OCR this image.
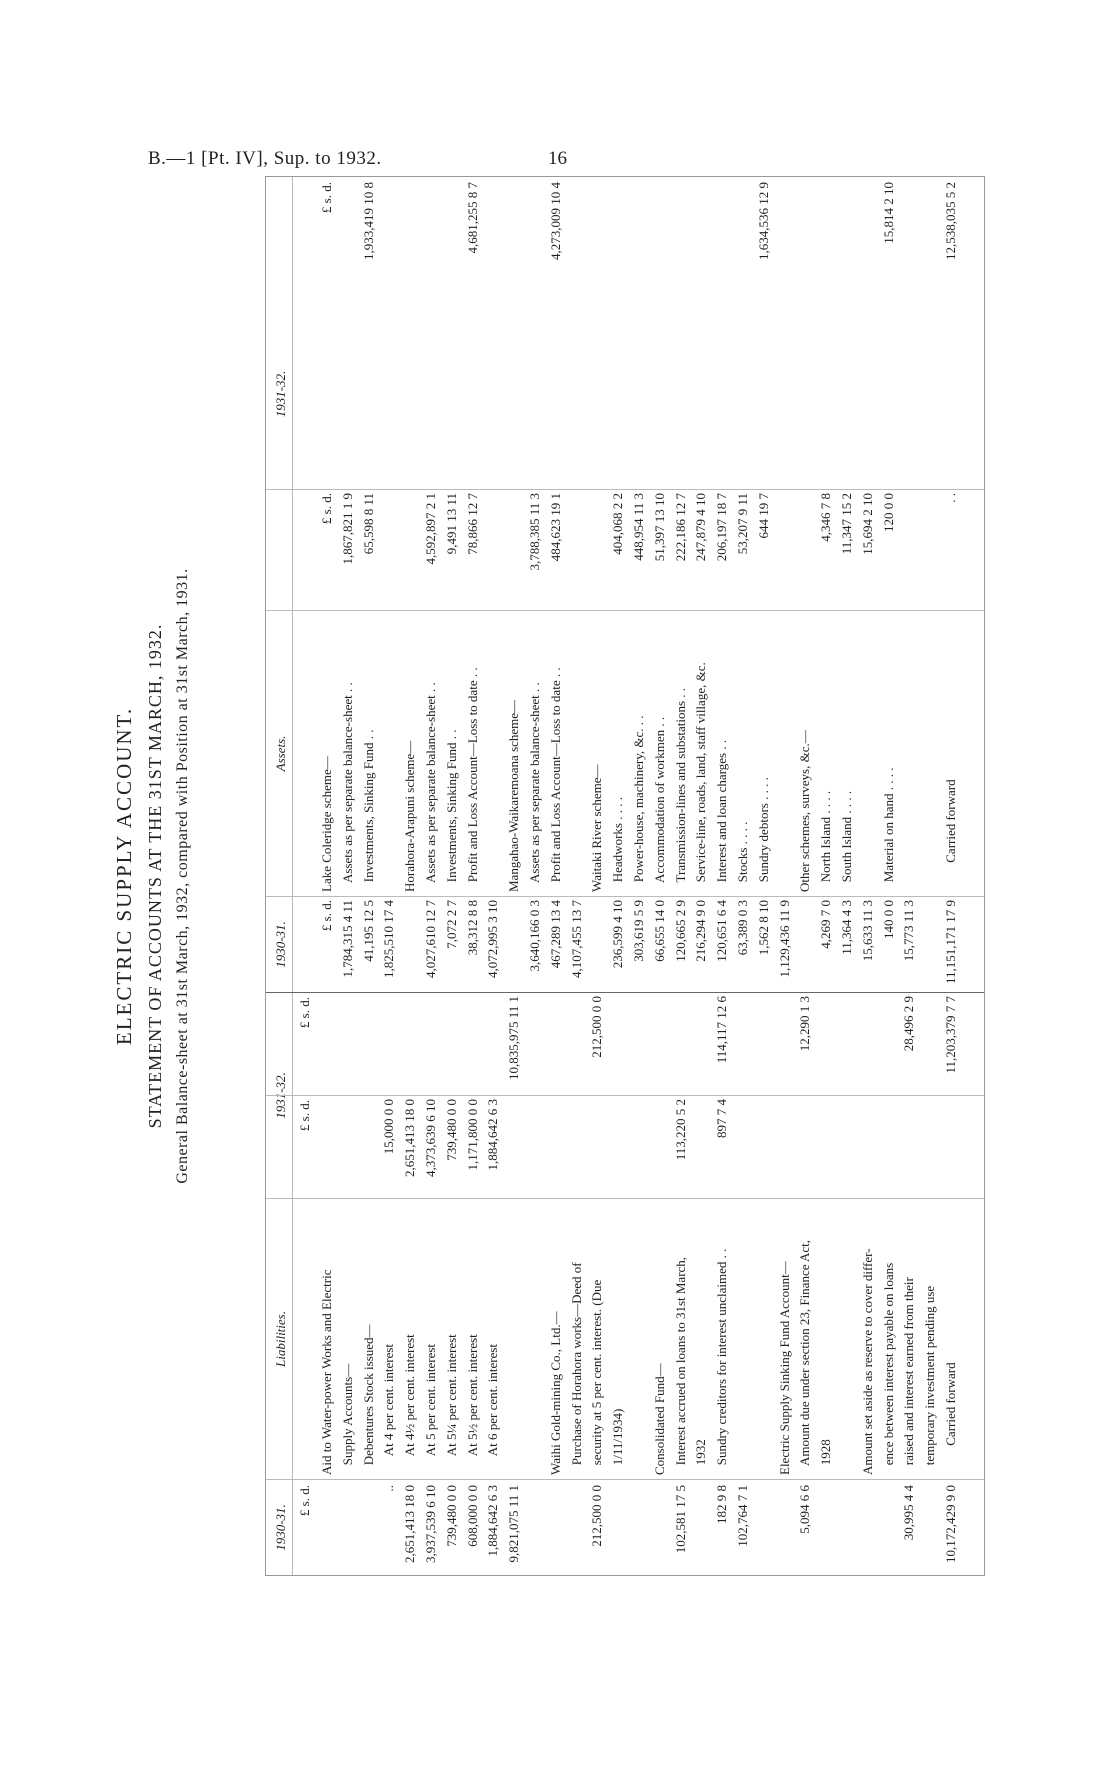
B.—1 [Pt. IV], Sup. to 1932.	16
ELECTRIC SUPPLY ACCOUNT. STATEMENT OF ACCOUNTS AT THE 31ST MARCH, 1932. General Balance-sheet at 31st March, 1932, compared with Position at 31st March, 1931.
1930-31.
Liabilities.
1931-32.
1930-31.
Assets.
1931-32.
£ s. d.
£ s. d.
£ s. d.
Aid to Water-power Works and Electric Supply Accounts— Debentures Stock issued—
..
At 4 per cent. interest
15,000 0 0
2,651,413 18 0
At 4½ per cent. interest
2,651,413 18 0
3,937,539 6 10
At 5 per cent. interest
4,373,639 6 10
739,480 0 0
At 5¼ per cent. interest
739,480 0 0
608,000 0 0
At 5½ per cent. interest
1,171,800 0 0
1,884,642 6 3
At 6 per cent. interest
1,884,642 6 3
9,821,075 11 1
10,835,975 11 1
Waihi Gold-mining Co., Ltd.— Purchase of Horahora works—Deed of
212,500 0 0
security at 5 per cent. interest. (Due
212,500 0 0
1/11/1934) Consolidated Fund—
102,581 17 5
Interest accrued on loans to 31st March,
113,220 5 2
1932
182 9 8
Sundry creditors for interest unclaimed . .
897 7 4
114,117 12 6
102,764 7 1
Electric Supply Sinking Fund Account—
5,094 6 6
Amount due under section 23, Finance Act,
12,290 1 3
1928 Amount set aside as reserve to cover differ- ence between interest payable on loans
30,995 4 4
raised and interest earned from their
28,496 2 9
temporary investment pending use
10,172,429 9 0
Carried forward
11,203,379 7 7
£ s. d.
Lake Coleridge scheme—
£ s. d.
£ s. d.
1,784,315 4 11
Assets as per separate balance-sheet . .
1,867,821 1 9
41,195 12 5
Investments, Sinking Fund . .
65,598 8 11
1,933,419 10 8
1,825,510 17 4
Horahora-Arapuni scheme—
4,027,610 12 7
Assets as per separate balance-sheet . .
4,592,897 2 1
7,072 2 7
Investments, Sinking Fund . .
9,491 13 11
38,312 8 8
Profit and Loss Account—Loss to date . .
78,866 12 7
4,681,255 8 7
4,072,995 3 10
Mangahao-Waikaremoana scheme—
3,640,166 0 3
Assets as per separate balance-sheet . .
3,788,385 11 3
467,289 13 4
Profit and Loss Account—Loss to date . .
484,623 19 1
4,273,009 10 4
4,107,455 13 7
Waitaki River scheme—
236,599 4 10
Headworks . . . .
404,068 2 2
303,619 5 9
Power-house, machinery, &c. . .
448,954 11 3
66,655 14 0
Accommodation of workmen . .
51,397 13 10
120,665 2 9
Transmission-lines and substations . .
222,186 12 7
216,294 9 0
Service-line, roads, land, staff village, &c.
247,879 4 10
120,651 6 4
Interest and loan charges . .
206,197 18 7
63,389 0 3
Stocks . . . .
53,207 9 11
1,562 8 10
Sundry debtors . . . .
644 19 7
1,634,536 12 9
1,129,436 11 9
Other schemes, surveys, &c.—
4,269 7 0
North Island . . . .
4,346 7 8
11,364 4 3
South Island . . . .
11,347 15 2
15,633 11 3
15,694 2 10
140 0 0
Material on hand . . . .
120 0 0
15,814 2 10
15,773 11 3 11,151,171 17 9
Carried forward
. .
12,538,035 5 2
